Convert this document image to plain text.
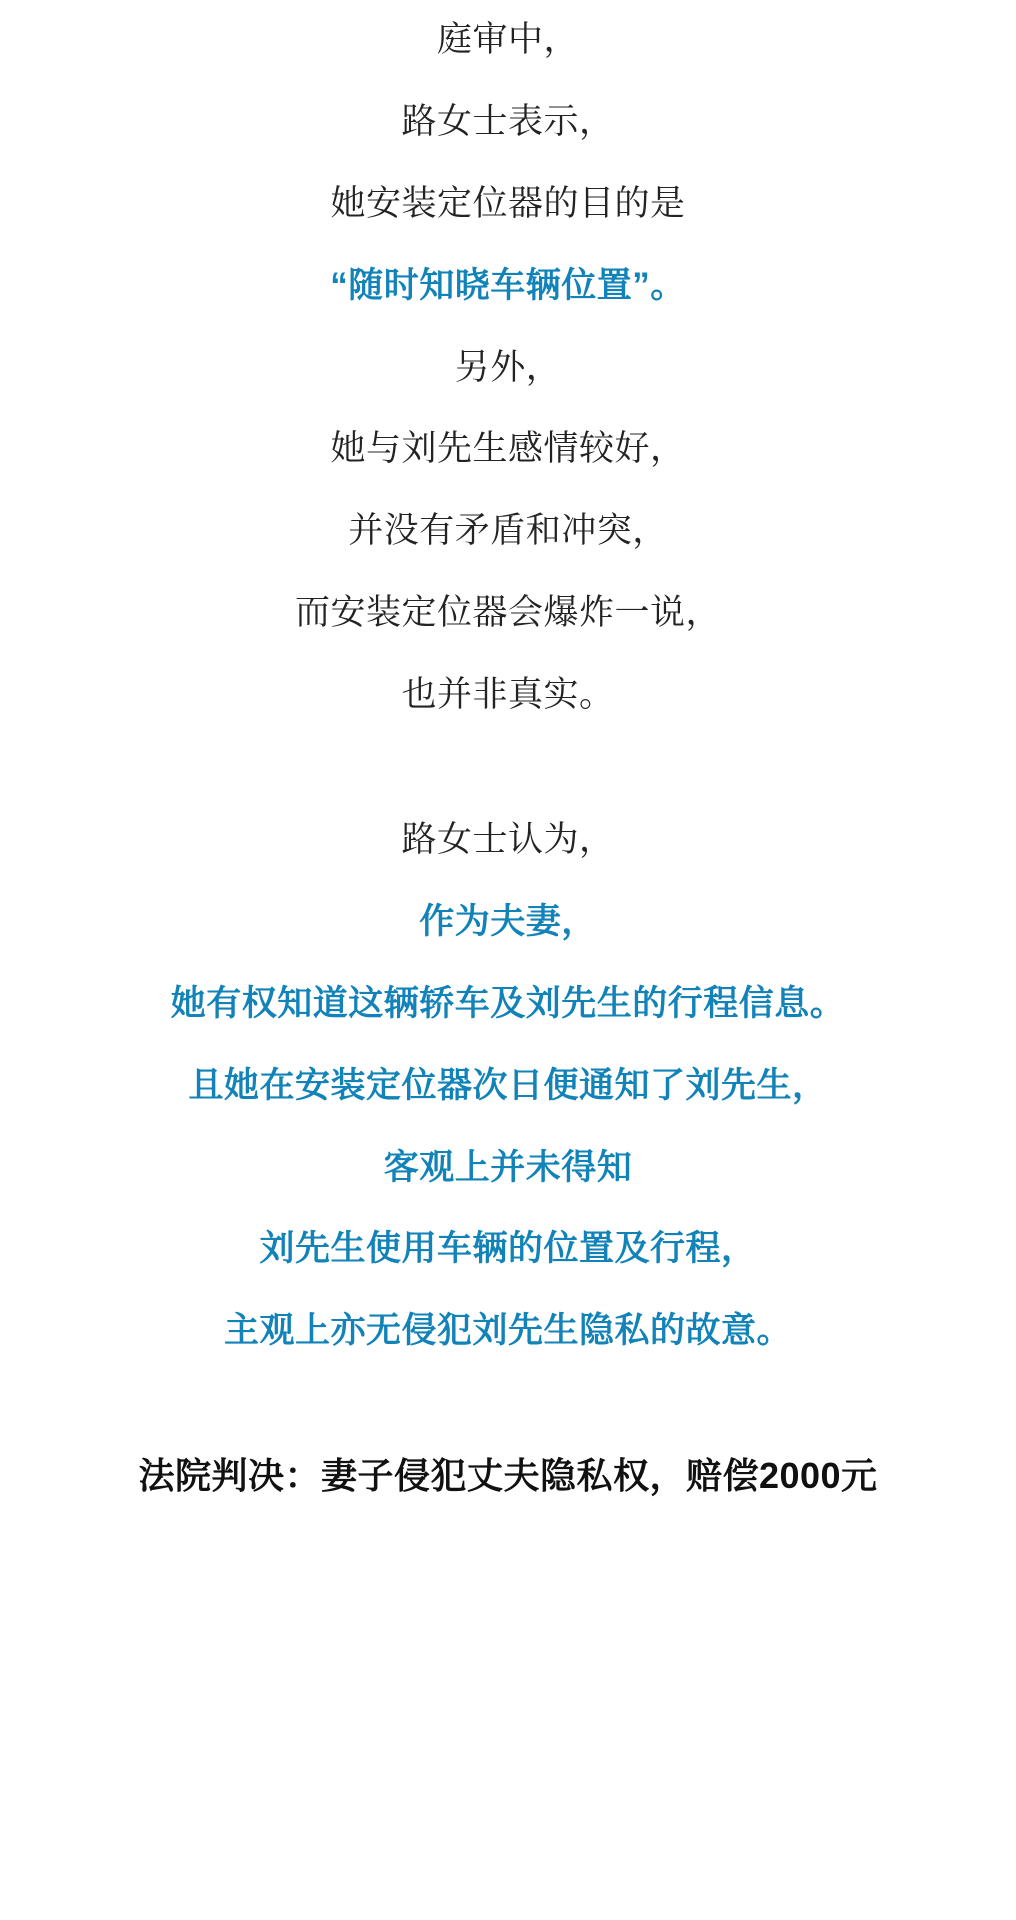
庭审中，

路女士表示，

她安装定位器的目的是

“随时知晓车辆位置”。

另外，

她与刘先生感情较好，

并没有矛盾和冲突，

而安装定位器会爆炸一说，

也并非真实。

路女士认为，

作为夫妻，

她有权知道这辆轿车及刘先生的行程信息。

且她在安装定位器次日便通知了刘先生，

客观上并未得知

刘先生使用车辆的位置及行程，

主观上亦无侵犯刘先生隐私的故意。

法院判决：妻子侵犯丈夫隐私权，赔偿2000元
